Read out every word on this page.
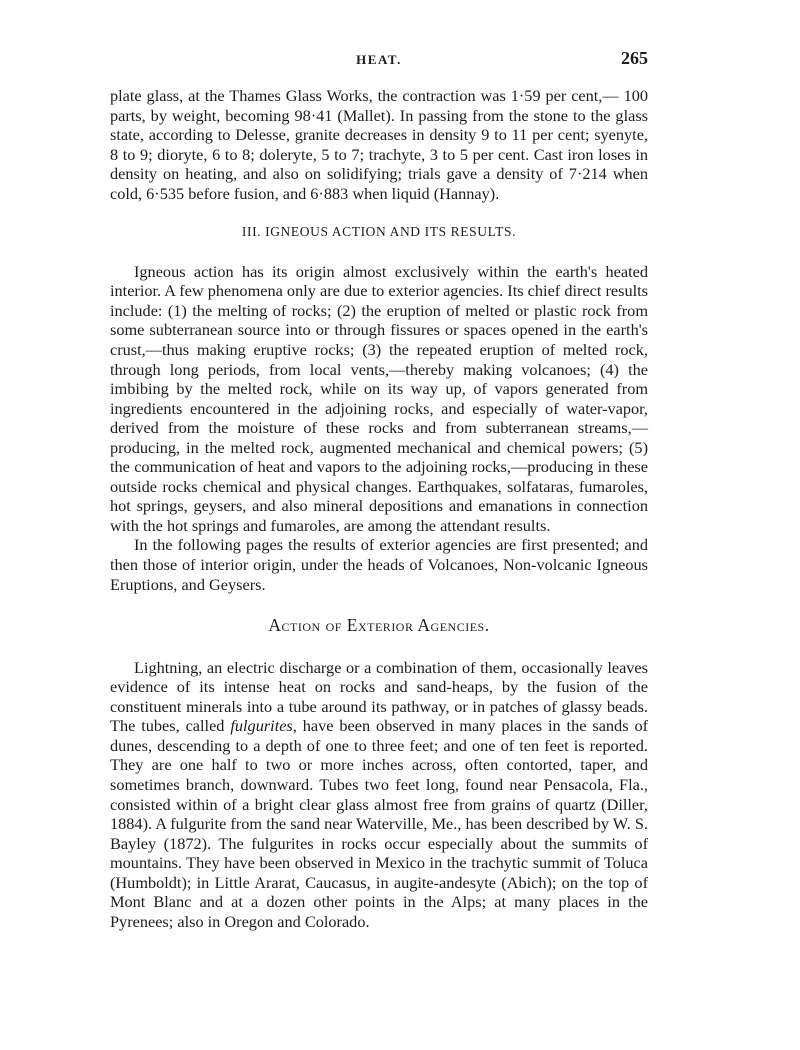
HEAT.	265

plate glass, at the Thames Glass Works, the contraction was 1·59 per cent,— 100 parts, by weight, becoming 98·41 (Mallet). In passing from the stone to the glass state, according to Delesse, granite decreases in density 9 to 11 per cent; syenyte, 8 to 9; dioryte, 6 to 8; doleryte, 5 to 7; trachyte, 3 to 5 per cent. Cast iron loses in density on heating, and also on solidifying; trials gave a density of 7·214 when cold, 6·535 before fusion, and 6·883 when liquid (Hannay).

III. IGNEOUS ACTION AND ITS RESULTS.

Igneous action has its origin almost exclusively within the earth's heated interior. A few phenomena only are due to exterior agencies. Its chief direct results include: (1) the melting of rocks; (2) the eruption of melted or plastic rock from some subterranean source into or through fissures or spaces opened in the earth's crust,—thus making eruptive rocks; (3) the repeated eruption of melted rock, through long periods, from local vents,—thereby making volcanoes; (4) the imbibing by the melted rock, while on its way up, of vapors generated from ingredients encountered in the adjoining rocks, and especially of water-vapor, derived from the moisture of these rocks and from subterranean streams,—producing, in the melted rock, augmented mechanical and chemical powers; (5) the communication of heat and vapors to the adjoining rocks,—producing in these outside rocks chemical and physical changes. Earthquakes, solfataras, fumaroles, hot springs, geysers, and also mineral depositions and emanations in connection with the hot springs and fumaroles, are among the attendant results.

In the following pages the results of exterior agencies are first presented; and then those of interior origin, under the heads of Volcanoes, Non-volcanic Igneous Eruptions, and Geysers.

Action of Exterior Agencies.

Lightning, an electric discharge or a combination of them, occasionally leaves evidence of its intense heat on rocks and sand-heaps, by the fusion of the constituent minerals into a tube around its pathway, or in patches of glassy beads. The tubes, called fulgurites, have been observed in many places in the sands of dunes, descending to a depth of one to three feet; and one of ten feet is reported. They are one half to two or more inches across, often contorted, taper, and sometimes branch, downward. Tubes two feet long, found near Pensacola, Fla., consisted within of a bright clear glass almost free from grains of quartz (Diller, 1884). A fulgurite from the sand near Waterville, Me., has been described by W. S. Bayley (1872). The fulgurites in rocks occur especially about the summits of mountains. They have been observed in Mexico in the trachytic summit of Toluca (Humboldt); in Little Ararat, Caucasus, in augite-andesyte (Abich); on the top of Mont Blanc and at a dozen other points in the Alps; at many places in the Pyrenees; also in Oregon and Colorado.
